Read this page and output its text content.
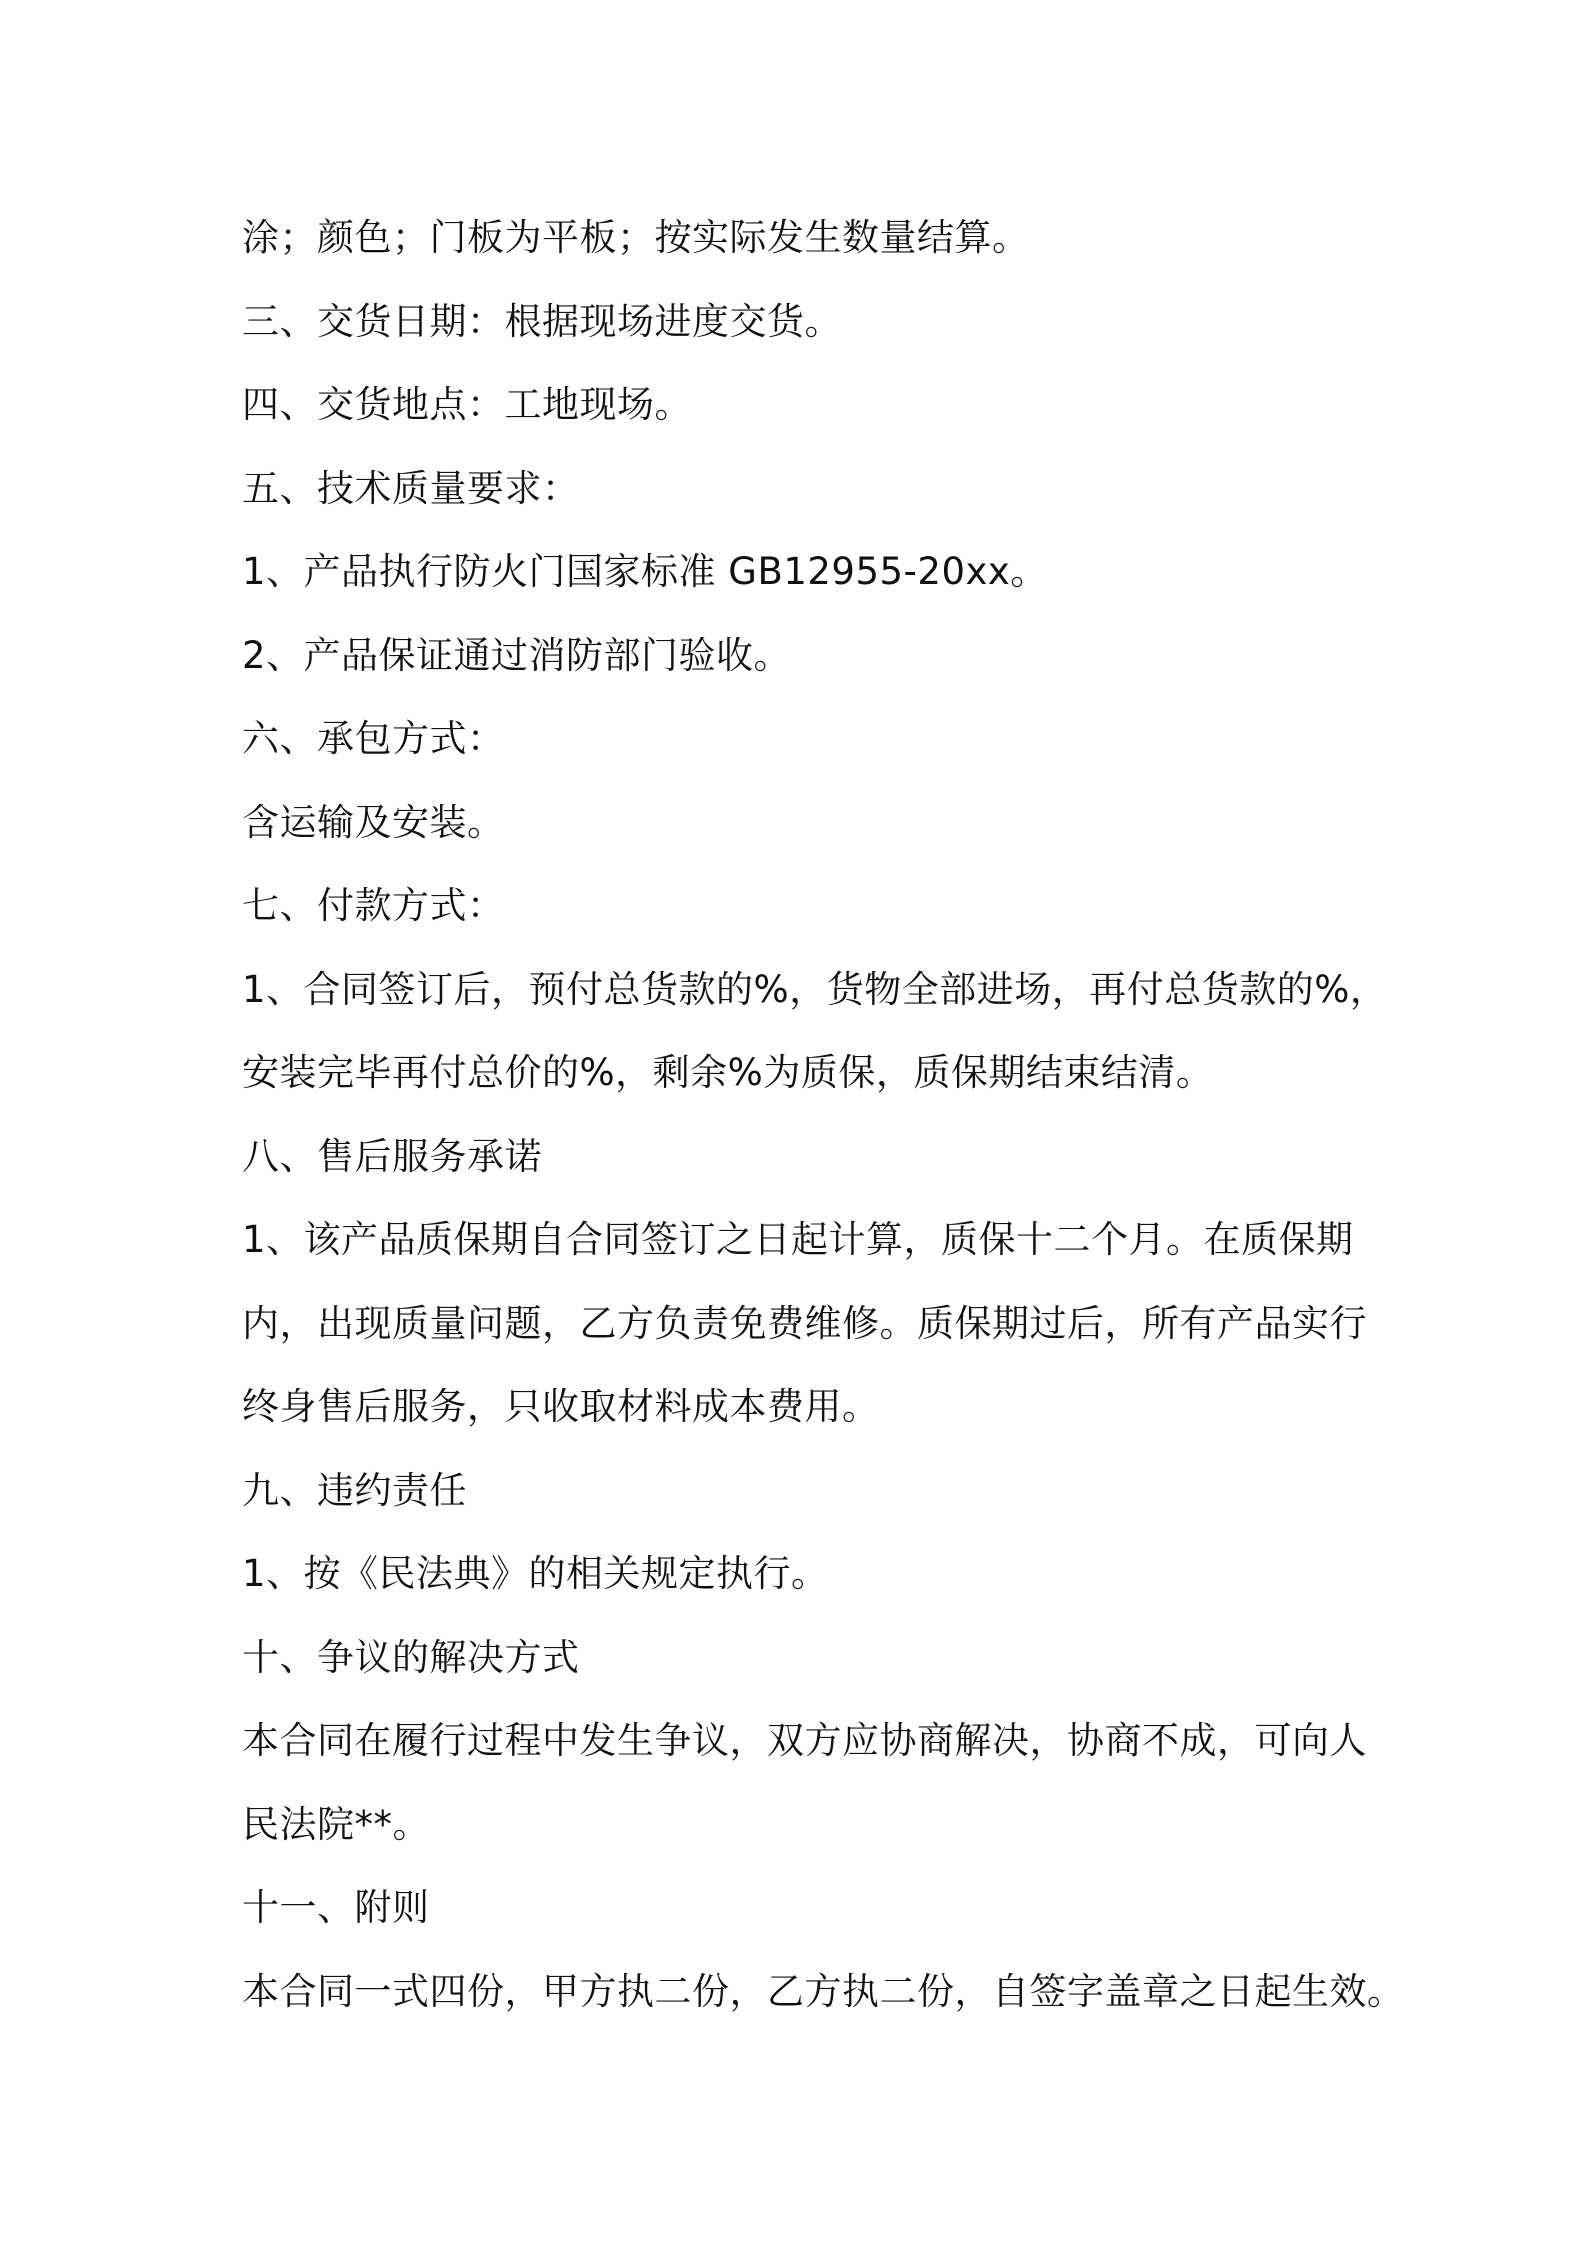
涂；颜色；门板为平板；按实际发生数量结算。
三、交货日期：根据现场进度交货。
四、交货地点：工地现场。
五、技术质量要求：
1、产品执行防火门国家标准 GB12955-20xx。
2、产品保证通过消防部门验收。
六、承包方式：
含运输及安装。
七、付款方式：
1、合同签订后，预付总货款的%，货物全部进场，再付总货款的%，
安装完毕再付总价的%，剩余%为质保，质保期结束结清。
八、售后服务承诺
1、该产品质保期自合同签订之日起计算，质保十二个月。在质保期
内，出现质量问题，乙方负责免费维修。质保期过后，所有产品实行
终身售后服务，只收取材料成本费用。
九、违约责任
1、按《民法典》的相关规定执行。
十、争议的解决方式
本合同在履行过程中发生争议，双方应协商解决，协商不成，可向人
民法院**。
十一、附则
本合同一式四份，甲方执二份，乙方执二份，自签字盖章之日起生效。
